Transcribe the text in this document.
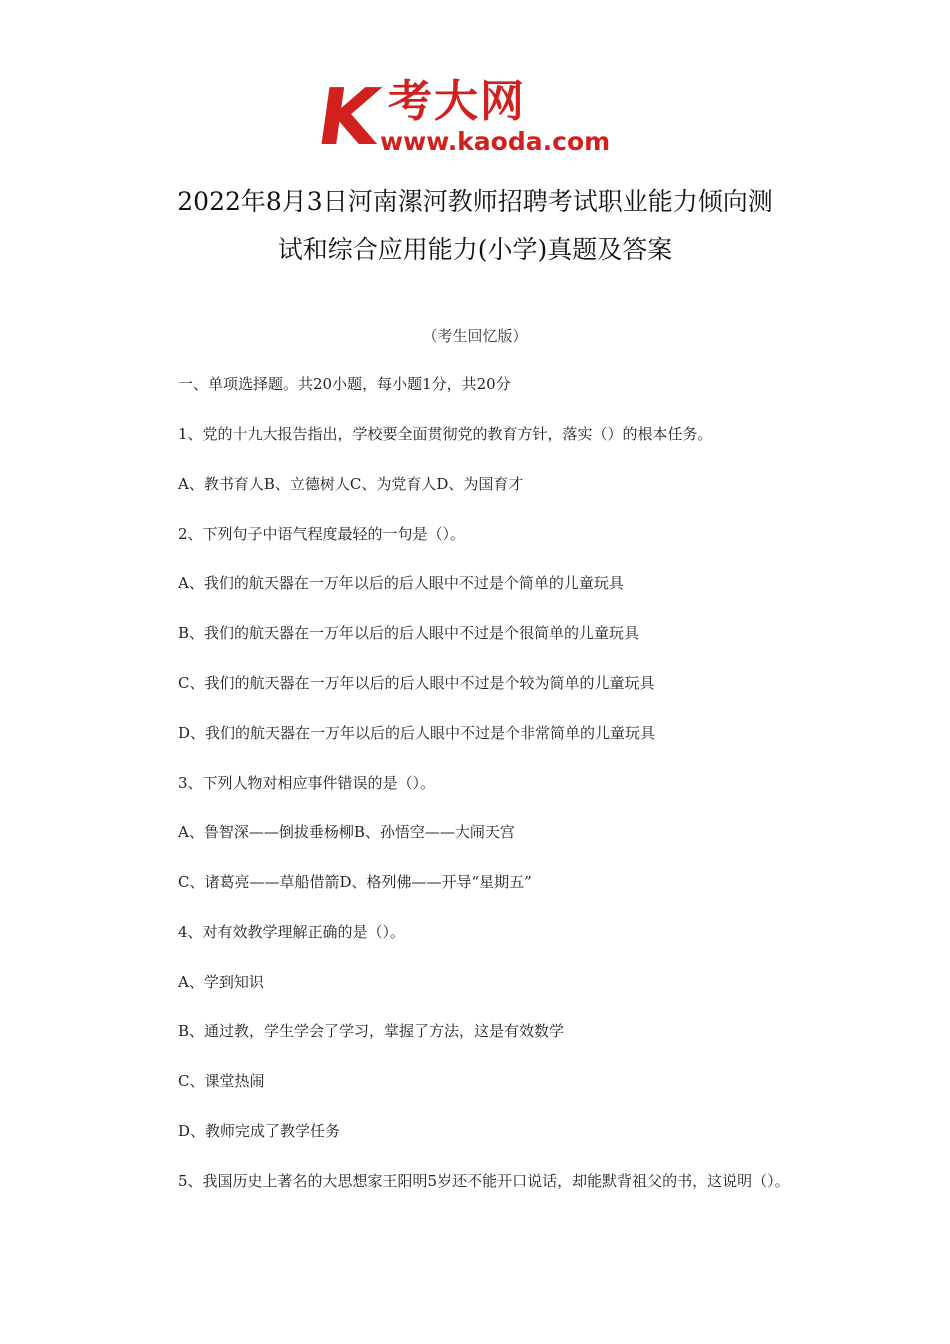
K 考大网
www.kaoda.com
2022年8月3日河南漯河教师招聘考试职业能力倾向测
试和综合应用能力(小学)真题及答案
（考生回忆版）
一、单项选择题。共20小题，每小题1分，共20分
1、党的十九大报告指出，学校要全面贯彻党的教育方针，落实（）的根本任务。
A、教书育人B、立德树人C、为党育人D、为国育才
2、下列句子中语气程度最轻的一句是（）。
A、我们的航天器在一万年以后的后人眼中不过是个简单的儿童玩具
B、我们的航天器在一万年以后的后人眼中不过是个很简单的儿童玩具
C、我们的航天器在一万年以后的后人眼中不过是个较为简单的儿童玩具
D、我们的航天器在一万年以后的后人眼中不过是个非常简单的儿童玩具
3、下列人物对相应事件错误的是（）。
A、鲁智深——倒拔垂杨柳B、孙悟空——大闹天宫
C、诸葛亮——草船借箭D、格列佛——开导“星期五”
4、对有效教学理解正确的是（）。
A、学到知识
B、通过教，学生学会了学习，掌握了方法，这是有效数学
C、课堂热闹
D、教师完成了教学任务
5、我国历史上著名的大思想家王阳明5岁还不能开口说话，却能默背祖父的书，这说明（）。
